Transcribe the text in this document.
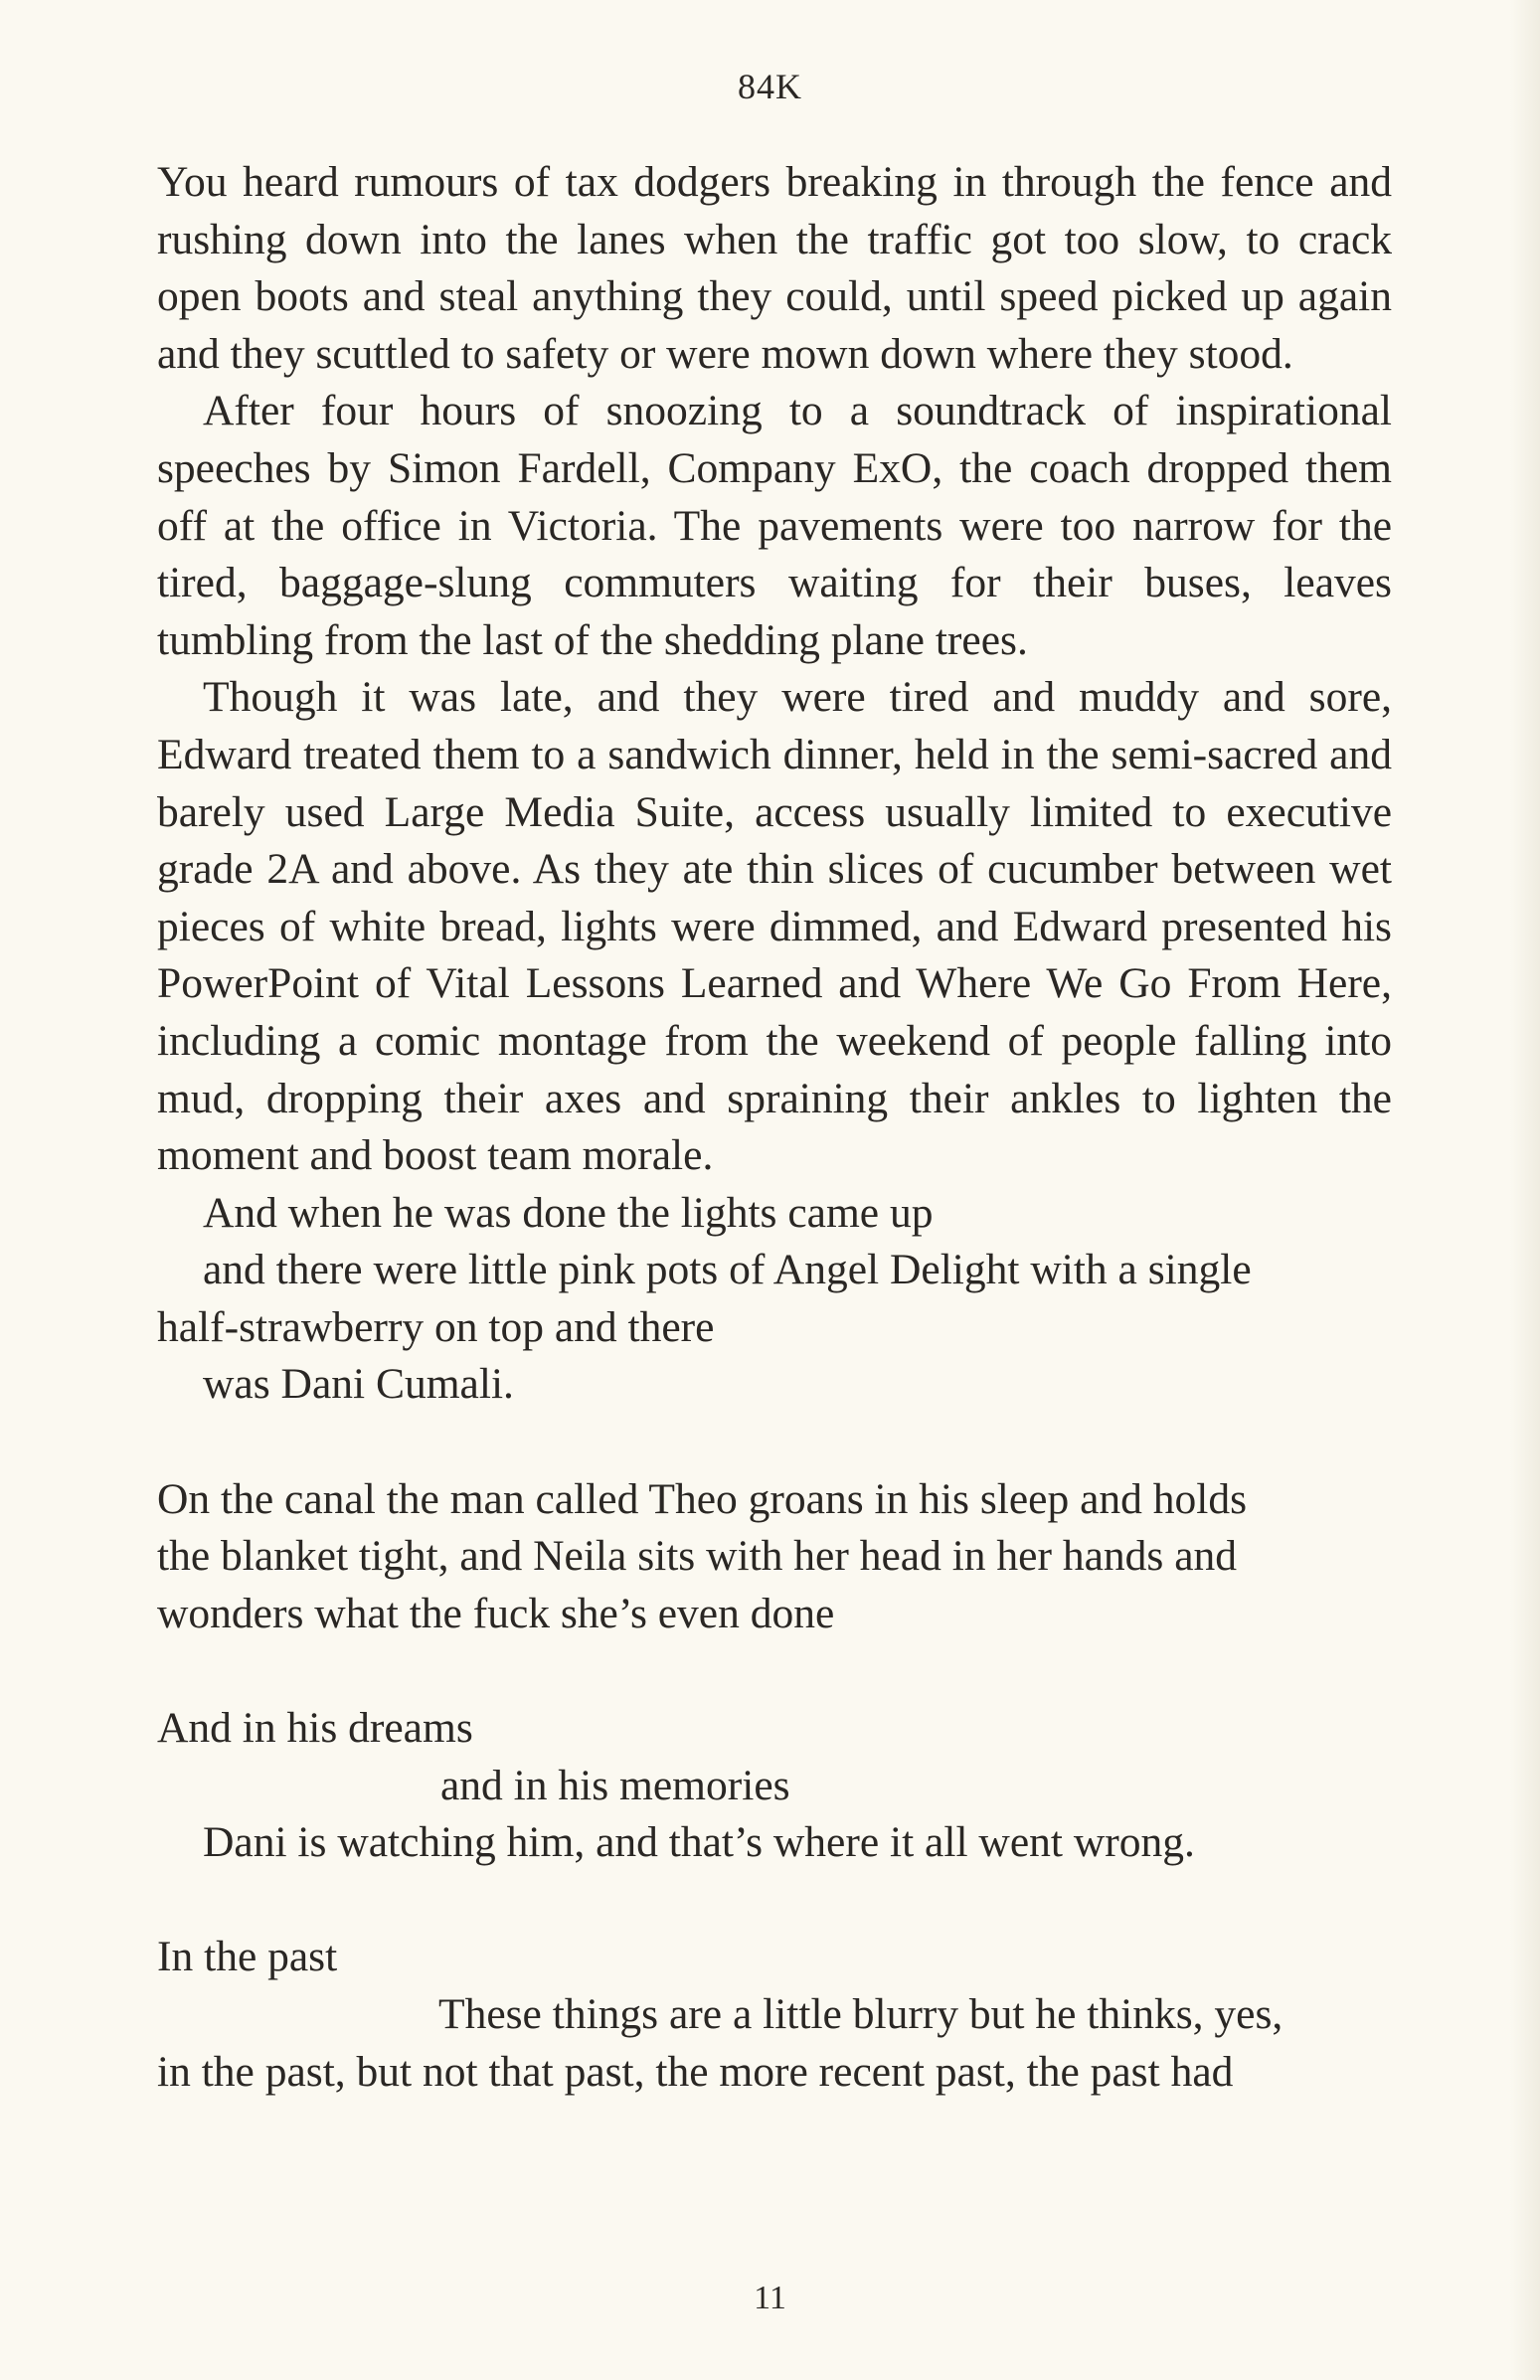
84K

You heard rumours of tax dodgers breaking in through the fence and rushing down into the lanes when the traffic got too slow, to crack open boots and steal anything they could, until speed picked up again and they scuttled to safety or were mown down where they stood.

After four hours of snoozing to a soundtrack of inspirational speeches by Simon Fardell, Company ExO, the coach dropped them off at the office in Victoria. The pavements were too narrow for the tired, baggage-slung commuters waiting for their buses, leaves tumbling from the last of the shedding plane trees.

Though it was late, and they were tired and muddy and sore, Edward treated them to a sandwich dinner, held in the semi-sacred and barely used Large Media Suite, access usually limited to executive grade 2A and above. As they ate thin slices of cucumber between wet pieces of white bread, lights were dimmed, and Edward presented his PowerPoint of Vital Lessons Learned and Where We Go From Here, including a comic montage from the weekend of people falling into mud, dropping their axes and spraining their ankles to lighten the moment and boost team morale.

And when he was done the lights came up

and there were little pink pots of Angel Delight with a single

half-strawberry on top and there

was Dani Cumali.

On the canal the man called Theo groans in his sleep and holds

the blanket tight, and Neila sits with her head in her hands and

wonders what the fuck she’s even done

And in his dreams

and in his memories

Dani is watching him, and that’s where it all went wrong.

In the past

These things are a little blurry but he thinks, yes,

in the past, but not that past, the more recent past, the past had

11
